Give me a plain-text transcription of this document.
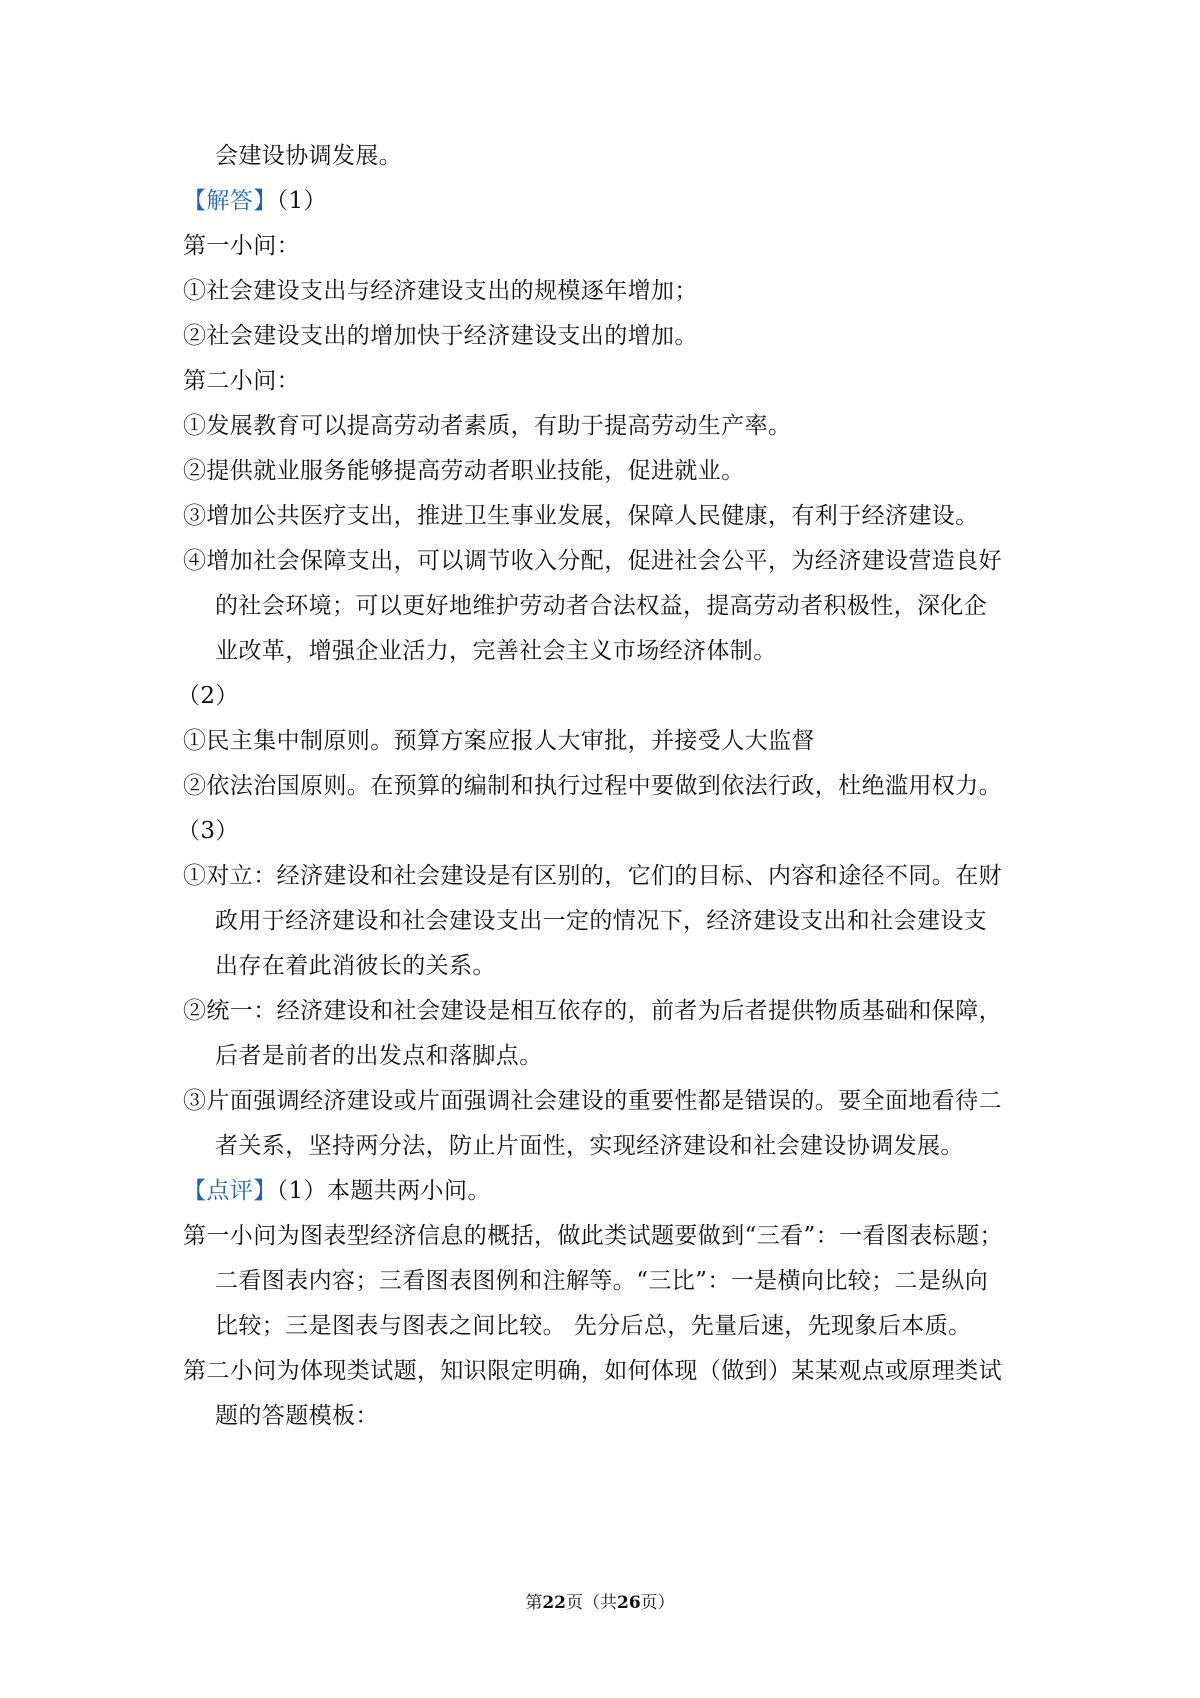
会建设协调发展。
【解答】（1）
第一小问：
①社会建设支出与经济建设支出的规模逐年增加；
②社会建设支出的增加快于经济建设支出的增加。
第二小问：
①发展教育可以提高劳动者素质，有助于提高劳动生产率。
②提供就业服务能够提高劳动者职业技能，促进就业。
③增加公共医疗支出，推进卫生事业发展，保障人民健康，有利于经济建设。
④增加社会保障支出，可以调节收入分配，促进社会公平，为经济建设营造良好
的社会环境；可以更好地维护劳动者合法权益，提高劳动者积极性，深化企
业改革，增强企业活力，完善社会主义市场经济体制。
（2）
①民主集中制原则。预算方案应报人大审批，并接受人大监督
②依法治国原则。在预算的编制和执行过程中要做到依法行政，杜绝滥用权力。
（3）
①对立：经济建设和社会建设是有区别的，它们的目标、内容和途径不同。在财
政用于经济建设和社会建设支出一定的情况下，经济建设支出和社会建设支
出存在着此消彼长的关系。
②统一：经济建设和社会建设是相互依存的，前者为后者提供物质基础和保障，
后者是前者的出发点和落脚点。
③片面强调经济建设或片面强调社会建设的重要性都是错误的。要全面地看待二
者关系，坚持两分法，防止片面性，实现经济建设和社会建设协调发展。
【点评】（1）本题共两小问。
第一小问为图表型经济信息的概括，做此类试题要做到“三看”：一看图表标题；
二看图表内容；三看图表图例和注解等。“三比”：一是横向比较；二是纵向
比较；三是图表与图表之间比较。 先分后总，先量后速，先现象后本质。
第二小问为体现类试题，知识限定明确，如何体现（做到）某某观点或原理类试
题的答题模板：
第22页（共26页）
